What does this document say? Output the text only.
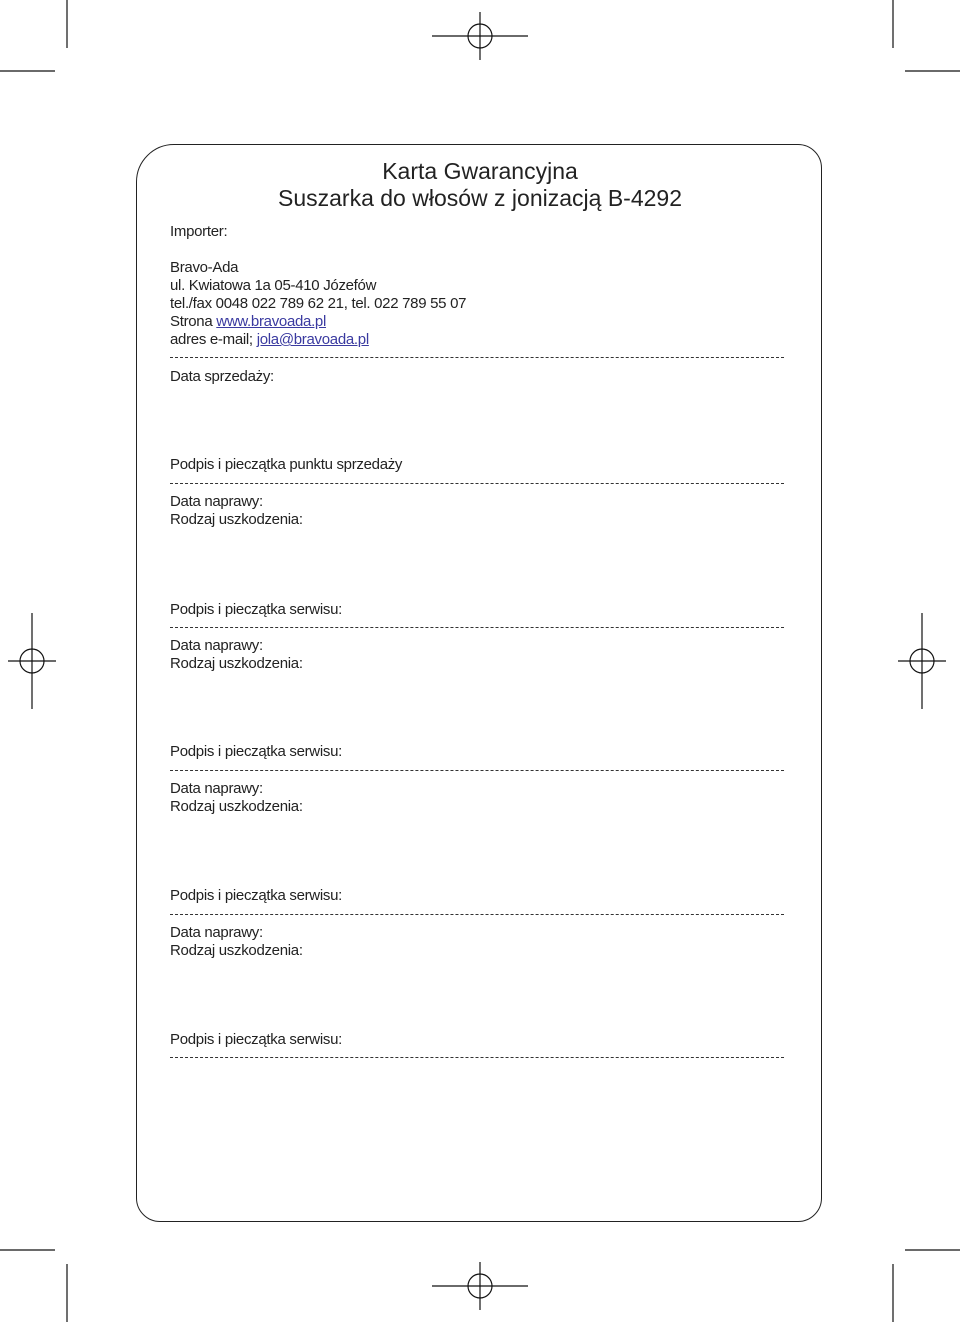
Karta Gwarancyjna
Suszarka do włosów z jonizacją B-4292
Importer:
Bravo-Ada
ul. Kwiatowa 1a 05-410 Józefów
tel./fax 0048 022 789 62 21, tel. 022 789 55 07
Strona www.bravoada.pl
adres e-mail; jola@bravoada.pl
Data sprzedaży:
Podpis i pieczątka punktu sprzedaży
Data naprawy:
Rodzaj uszkodzenia:
Podpis i pieczątka serwisu:
Data naprawy:
Rodzaj uszkodzenia:
Podpis i pieczątka serwisu:
Data naprawy:
Rodzaj uszkodzenia:
Podpis i pieczątka serwisu:
Data naprawy:
Rodzaj uszkodzenia:
Podpis i pieczątka serwisu:
